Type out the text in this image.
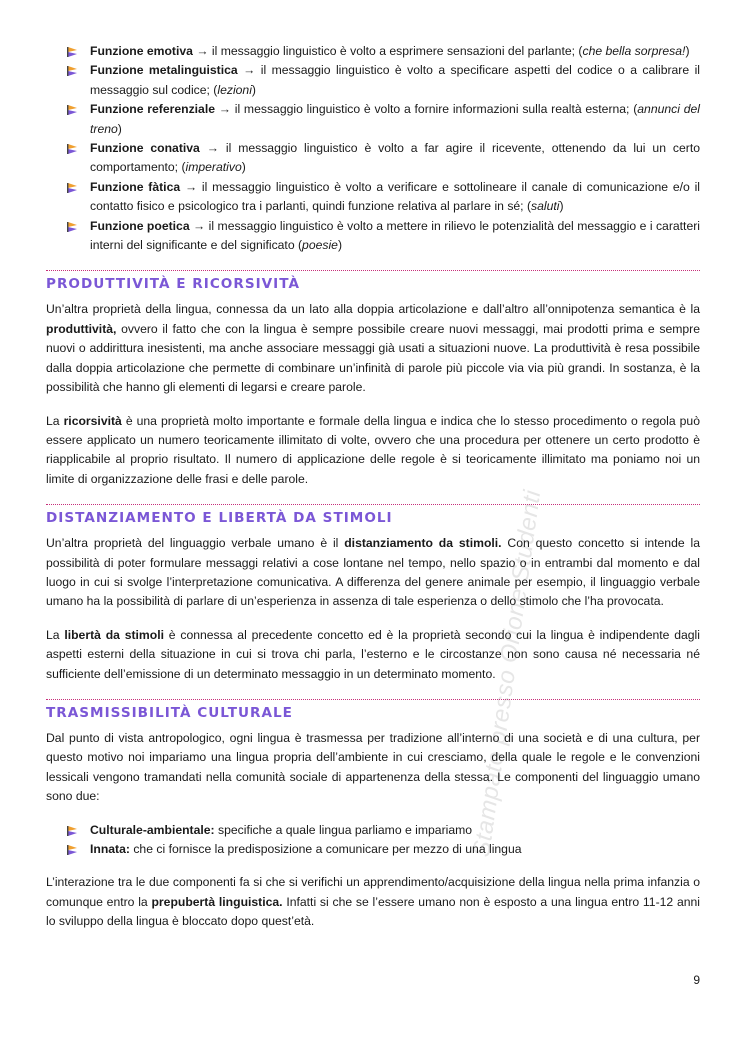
Stampato presso Orione Studenti
Funzione emotiva → il messaggio linguistico è volto a esprimere sensazioni del parlante; (che bella sorpresa!)
Funzione metalinguistica → il messaggio linguistico è volto a specificare aspetti del codice o a calibrare il messaggio sul codice; (lezioni)
Funzione referenziale → il messaggio linguistico è volto a fornire informazioni sulla realtà esterna; (annunci del treno)
Funzione conativa → il messaggio linguistico è volto a far agire il ricevente, ottenendo da lui un certo comportamento; (imperativo)
Funzione fàtica → il messaggio linguistico è volto a verificare e sottolineare il canale di comunicazione e/o il contatto fisico e psicologico tra i parlanti, quindi funzione relativa al parlare in sé; (saluti)
Funzione poetica → il messaggio linguistico è volto a mettere in rilievo le potenzialità del messaggio e i caratteri interni del significante e del significato (poesie)
PRODUTTIVITÀ E RICORSIVITÀ

Un’altra proprietà della lingua, connessa da un lato alla doppia articolazione e dall’altro all’onnipotenza semantica è la produttività, ovvero il fatto che con la lingua è sempre possibile creare nuovi messaggi, mai prodotti prima e sempre nuovi o addirittura inesistenti, ma anche associare messaggi già usati a situazioni nuove. La produttività è resa possibile dalla doppia articolazione che permette di combinare un’infinità di parole più piccole via via più grandi. In sostanza, è la possibilità che hanno gli elementi di legarsi e creare parole.

La ricorsività è una proprietà molto importante e formale della lingua e indica che lo stesso procedimento o regola può essere applicato un numero teoricamente illimitato di volte, ovvero che una procedura per ottenere un certo prodotto è riapplicabile al proprio risultato. Il numero di applicazione delle regole è si teoricamente illimitato ma poniamo noi un limite di organizzazione delle frasi e delle parole.

DISTANZIAMENTO E LIBERTÀ DA STIMOLI

Un’altra proprietà del linguaggio verbale umano è il distanziamento da stimoli. Con questo concetto si intende la possibilità di poter formulare messaggi relativi a cose lontane nel tempo, nello spazio o in entrambi dal momento e dal luogo in cui si svolge l’interpretazione comunicativa. A differenza del genere animale per esempio, il linguaggio verbale umano ha la possibilità di parlare di un’esperienza in assenza di tale esperienza o dello stimolo che l’ha provocata.

La libertà da stimoli è connessa al precedente concetto ed è la proprietà secondo cui la lingua è indipendente dagli aspetti esterni della situazione in cui si trova chi parla, l’esterno e le circostanze non sono causa né necessaria né sufficiente dell’emissione di un determinato messaggio in un determinato momento.

TRASMISSIBILITÀ CULTURALE

Dal punto di vista antropologico, ogni lingua è trasmessa per tradizione all’interno di una società e di una cultura, per questo motivo noi impariamo una lingua propria dell’ambiente in cui cresciamo, della quale le regole e le convenzioni lessicali vengono tramandati nella comunità sociale di appartenenza della stessa. Le componenti del linguaggio umano sono due:

Culturale-ambientale: specifiche a quale lingua parliamo e impariamo
Innata: che ci fornisce la predisposizione a comunicare per mezzo di una lingua

L’interazione tra le due componenti fa si che si verifichi un apprendimento/acquisizione della lingua nella prima infanzia o comunque entro la prepubertà linguistica. Infatti si che se l’essere umano non è esposto a una lingua entro 11-12 anni lo sviluppo della lingua è bloccato dopo quest’età.

9
